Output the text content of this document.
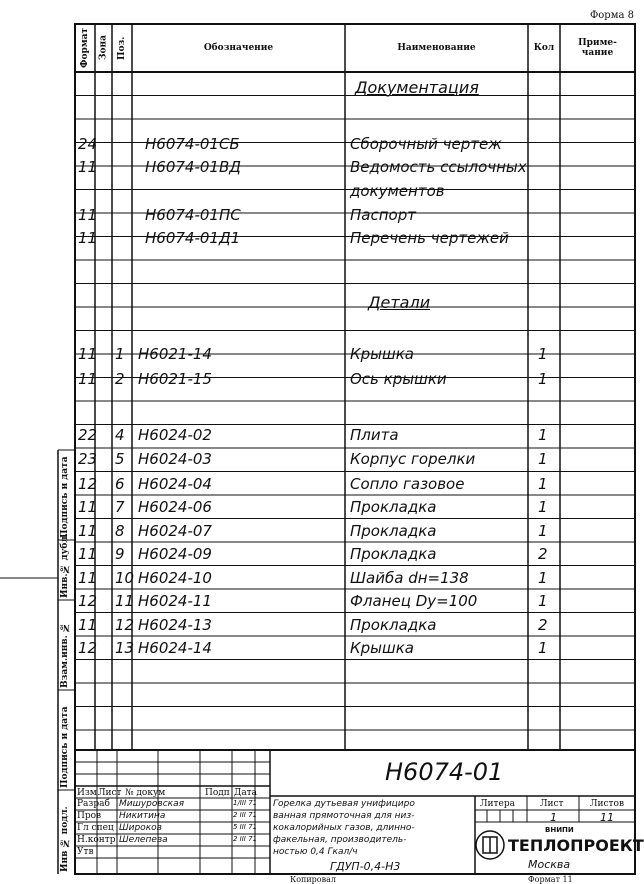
Форма 8
Формат Зона Поз.	Обозначение	Наименование	Кол	Приме-
чание
Документация
Детали
24	Н6074-01СБ	Сборочный чертеж
11	Н6074-01ВД	Ведомость ссылочных
документов
11	Н6074-01ПС	Паспорт
11	Н6074-01Д1	Перечень чертежей
11 1 Н6021-14	Крышка	1
11 2 Н6021-15	Ось крышки	1
22 4 Н6024-02	Плита	1
23 5 Н6024-03	Корпус горелки	1
12 6 Н6024-04	Сопло газовое	1
11 7 Н6024-06	Прокладка	1
11 8 Н6024-07	Прокладка	1
11 9 Н6024-09	Прокладка	2
11 10 Н6024-10	Шайба dн=138	1
12 11 Н6024-11	Фланец Dу=100	1
11 12 Н6024-13	Прокладка	2
12 13 Н6024-14	Крышка	1
Подпись и дата
Инв.№ дубл.
Взам.инв. №
Подпись и дата
Инв № подл.
Н6074-01
Изм Лист № докум	Подп Дата
Разраб Мишуровская	1/III 71
Пров Никитина	2 III 71
Гл спец Широков	5 III 71
Н.контр Шелепева	2 III 71
Утв
Горелка дутьевая унифициро
ванная прямоточная для низ-
кокалорийных газов, длинно-
факельная, производитель-
ностью 0,4 Гкал/ч
ГДУП-0,4-Н3
Литера	Лист	Листов
1	11
ВНИПИ
ТЕПЛОПРОЕКТ
Москва
Копировал	Формат 11
